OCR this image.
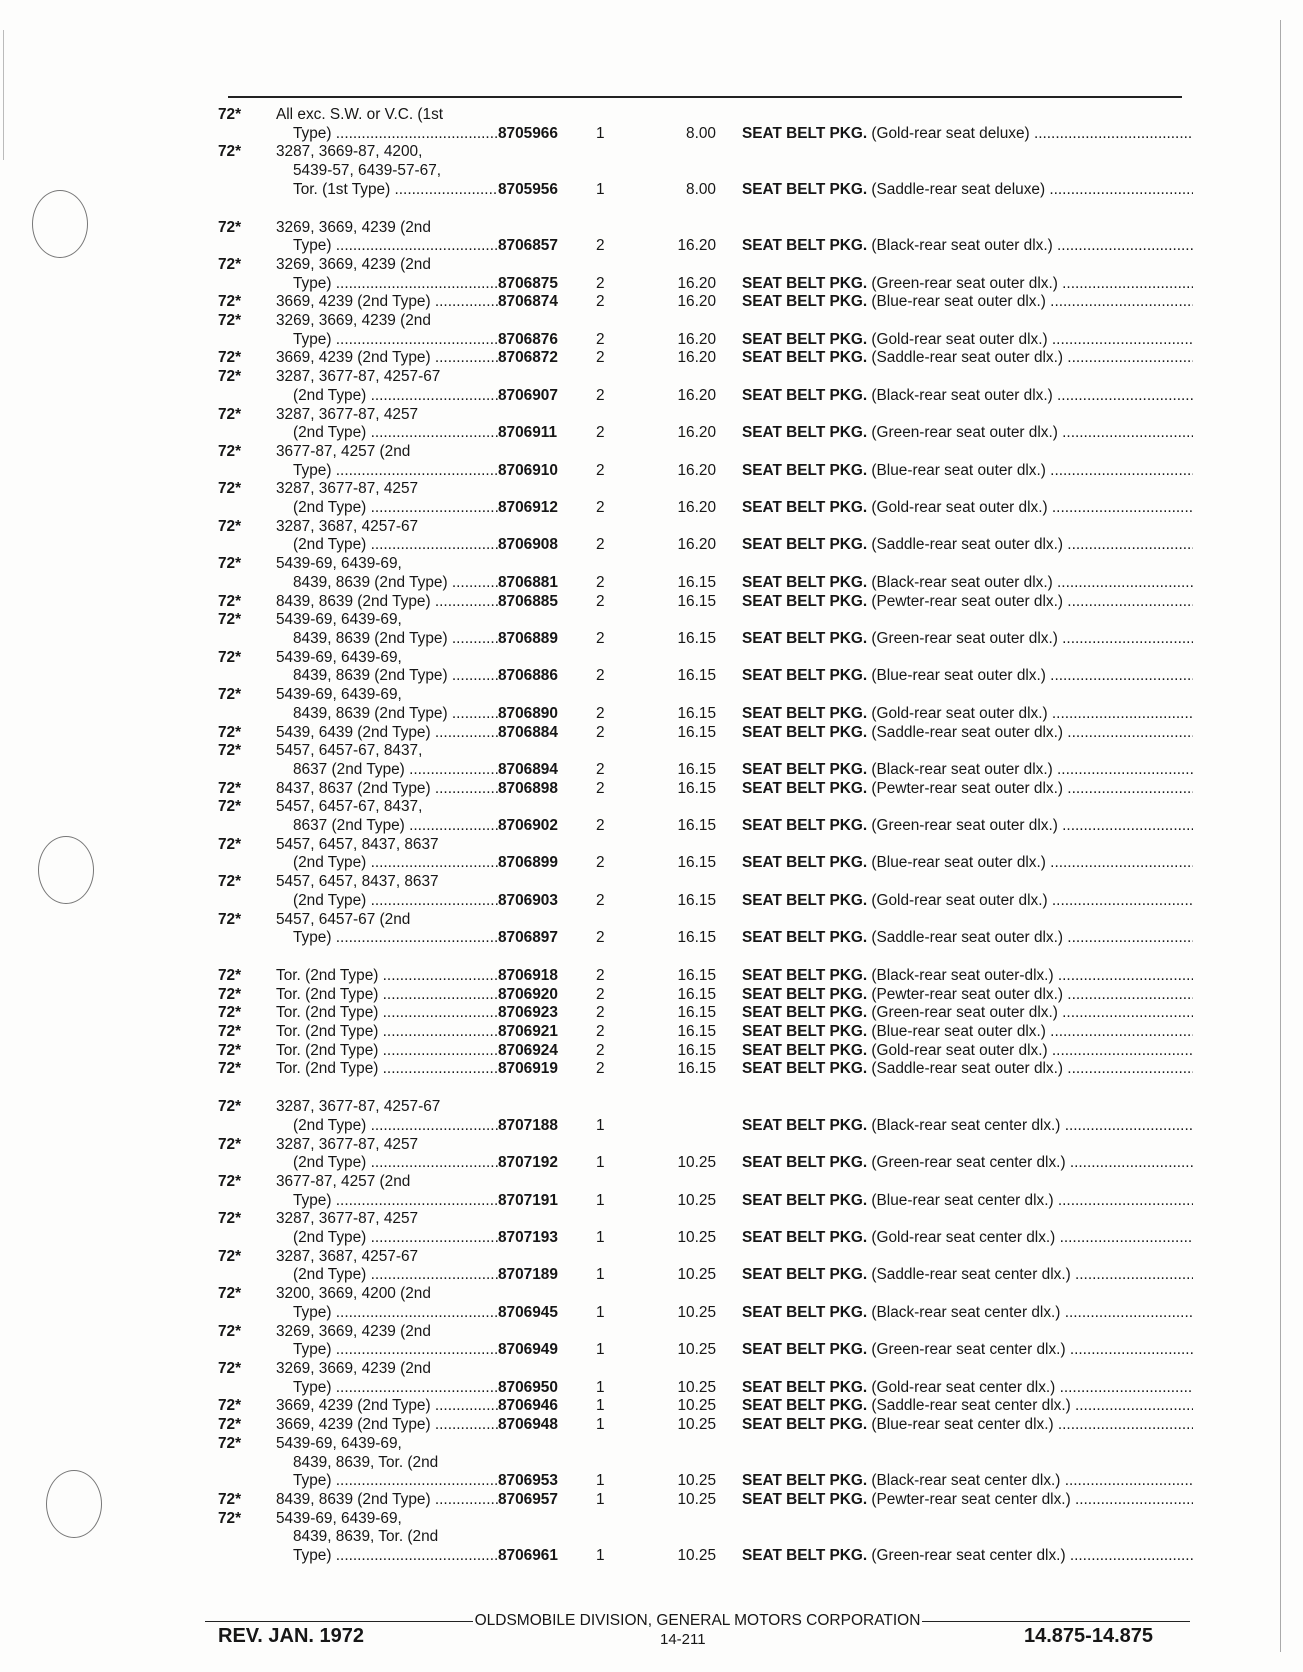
72*	All exc. S.W. or V.C. (1st
Type) .....
	8705966
	1
	8.00
SEAT BELT PKG. (Gold-rear seat deluxe) .....
72*	3287, 3669-87, 4200,
5439-57, 6439-57-67,
Tor. (1st Type) .....

	8705956

	1

	8.00

SEAT BELT PKG. (Saddle-rear seat deluxe) .....
72*	3269, 3669, 4239 (2nd
Type) .....
	8706857
	2
	16.20
SEAT BELT PKG. (Black-rear seat outer dlx.) .....
72*	3269, 3669, 4239 (2nd
Type) .....
	8706875
	2
	16.20
SEAT BELT PKG. (Green-rear seat outer dlx.) .....
72*	3669, 4239 (2nd Type) .....	8706874	2	16.20 SEAT BELT PKG. (Blue-rear seat outer dlx.) .....
72*	3269, 3669, 4239 (2nd
Type) .....
	8706876
	2
	16.20
SEAT BELT PKG. (Gold-rear seat outer dlx.) .....
72*	3669, 4239 (2nd Type) .....	8706872	2	16.20 SEAT BELT PKG. (Saddle-rear seat outer dlx.) .....
72*	3287, 3677-87, 4257-67
(2nd Type) .....
	8706907
	2
	16.20
SEAT BELT PKG. (Black-rear seat outer dlx.) .....
72*	3287, 3677-87, 4257
(2nd Type) .....
	8706911
	2
	16.20
SEAT BELT PKG. (Green-rear seat outer dlx.) .....
72*	3677-87, 4257 (2nd
Type) .....
	8706910
	2
	16.20
SEAT BELT PKG. (Blue-rear seat outer dlx.) .....
72*	3287, 3677-87, 4257
(2nd Type) .....
	8706912
	2
	16.20
SEAT BELT PKG. (Gold-rear seat outer dlx.) .....
72*	3287, 3687, 4257-67
(2nd Type) .....
	8706908
	2
	16.20
SEAT BELT PKG. (Saddle-rear seat outer dlx.) .....
72*	5439-69, 6439-69,
8439, 8639 (2nd Type) .....
	8706881
	2
	16.15
SEAT BELT PKG. (Black-rear seat outer dlx.) .....
72*	8439, 8639 (2nd Type) .....	8706885	2	16.15 SEAT BELT PKG. (Pewter-rear seat outer dlx.) .....
72*	5439-69, 6439-69,
8439, 8639 (2nd Type) .....
	8706889
	2
	16.15
SEAT BELT PKG. (Green-rear seat outer dlx.) .....
72*	5439-69, 6439-69,
8439, 8639 (2nd Type) .....
	8706886
	2
	16.15
SEAT BELT PKG. (Blue-rear seat outer dlx.) .....
72*	5439-69, 6439-69,
8439, 8639 (2nd Type) .....
	8706890
	2
	16.15
SEAT BELT PKG. (Gold-rear seat outer dlx.) .....
72*	5439, 6439 (2nd Type) .....	8706884	2	16.15 SEAT BELT PKG. (Saddle-rear seat outer dlx.) .....
72*	5457, 6457-67, 8437,
8637 (2nd Type) .....
	8706894
	2
	16.15
SEAT BELT PKG. (Black-rear seat outer dlx.) .....
72*	8437, 8637 (2nd Type) .....	8706898	2	16.15 SEAT BELT PKG. (Pewter-rear seat outer dlx.) .....
72*	5457, 6457-67, 8437,
8637 (2nd Type) .....
	8706902
	2
	16.15
SEAT BELT PKG. (Green-rear seat outer dlx.) .....
72*	5457, 6457, 8437, 8637
(2nd Type) .....
	8706899
	2
	16.15
SEAT BELT PKG. (Blue-rear seat outer dlx.) .....
72*	5457, 6457, 8437, 8637
(2nd Type) .....
	8706903
	2
	16.15
SEAT BELT PKG. (Gold-rear seat outer dlx.) .....
72*	5457, 6457-67 (2nd
Type) .....
	8706897
	2
	16.15
SEAT BELT PKG. (Saddle-rear seat outer dlx.) .....
72*	Tor. (2nd Type) .....	8706918	2	16.15 SEAT BELT PKG. (Black-rear seat outer-dlx.) .....
72*	Tor. (2nd Type) .....	8706920	2	16.15 SEAT BELT PKG. (Pewter-rear seat outer dlx.) .....
72*	Tor. (2nd Type) .....	8706923	2	16.15 SEAT BELT PKG. (Green-rear seat outer dlx.) .....
72*	Tor. (2nd Type) .....	8706921	2	16.15 SEAT BELT PKG. (Blue-rear seat outer dlx.) .....
72*	Tor. (2nd Type) .....	8706924	2	16.15 SEAT BELT PKG. (Gold-rear seat outer dlx.) .....
72*	Tor. (2nd Type) .....	8706919	2	16.15 SEAT BELT PKG. (Saddle-rear seat outer dlx.) .....
72*	3287, 3677-87, 4257-67
(2nd Type) .....
	8707188
	1

	SEAT BELT PKG. (Black-rear seat center dlx.) .....
72*	3287, 3677-87, 4257
(2nd Type) .....
	8707192
	1
	10.25
SEAT BELT PKG. (Green-rear seat center dlx.) .....
72*	3677-87, 4257 (2nd
Type) .....
	8707191
	1
	10.25
SEAT BELT PKG. (Blue-rear seat center dlx.) .....
72*	3287, 3677-87, 4257
(2nd Type) .....
	8707193
	1
	10.25
SEAT BELT PKG. (Gold-rear seat center dlx.) .....
72*	3287, 3687, 4257-67
(2nd Type) .....
	8707189
	1
	10.25
SEAT BELT PKG. (Saddle-rear seat center dlx.) .....
72*	3200, 3669, 4200 (2nd
Type) .....
	8706945
	1
	10.25
SEAT BELT PKG. (Black-rear seat center dlx.) .....
72*	3269, 3669, 4239 (2nd
Type) .....
	8706949
	1
	10.25
SEAT BELT PKG. (Green-rear seat center dlx.) .....
72*	3269, 3669, 4239 (2nd
Type) .....
	8706950
	1
	10.25
SEAT BELT PKG. (Gold-rear seat center dlx.) .....
72*	3669, 4239 (2nd Type) .....	8706946	1	10.25 SEAT BELT PKG. (Saddle-rear seat center dlx.) .....
72*	3669, 4239 (2nd Type) .....	8706948	1	10.25 SEAT BELT PKG. (Blue-rear seat center dlx.) .....
72*	5439-69, 6439-69,
8439, 8639, Tor. (2nd
Type) .....

	8706953

	1

	10.25

SEAT BELT PKG. (Black-rear seat center dlx.) .....
72*	8439, 8639 (2nd Type) .....	8706957	1	10.25 SEAT BELT PKG. (Pewter-rear seat center dlx.) .....
72*	5439-69, 6439-69,
8439, 8639, Tor. (2nd
Type) .....

	8706961

	1

	10.25

SEAT BELT PKG. (Green-rear seat center dlx.) .....
OLDSMOBILE DIVISION, GENERAL MOTORS CORPORATION
REV. JAN. 1972	14-211	14.875-14.875
